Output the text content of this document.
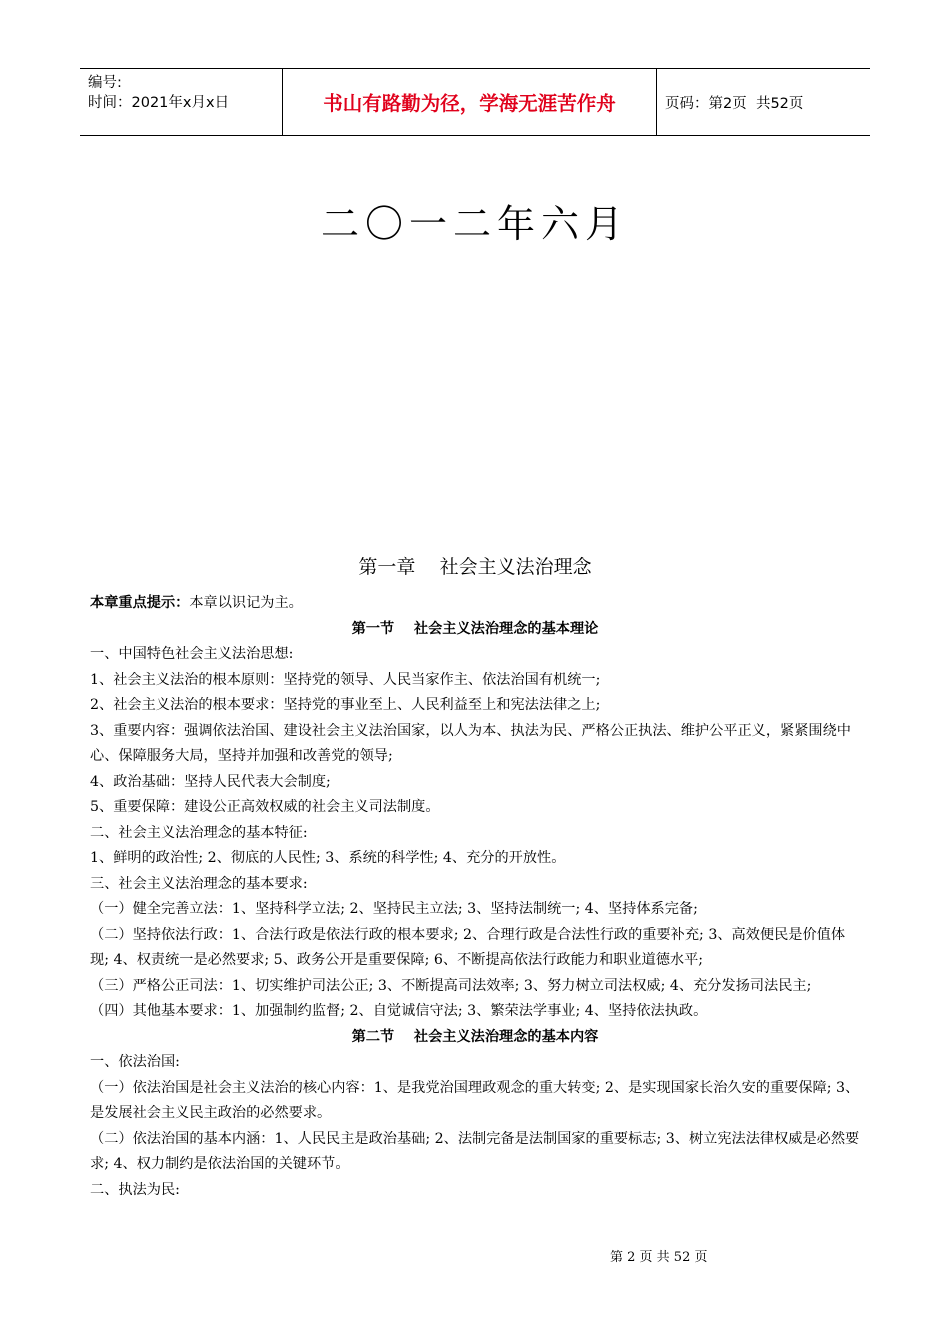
编号:
时间：2021年x月x日	书山有路勤为径，学海无涯苦作舟	页码：第2页  共52页
二〇一二年六月
第一章    社会主义法治理念

本章重点提示：本章以识记为主。

第一节    社会主义法治理念的基本理论

一、中国特色社会主义法治思想:

1、社会主义法治的根本原则：坚持党的领导、人民当家作主、依法治国有机统一;

2、社会主义法治的根本要求：坚持党的事业至上、人民利益至上和宪法法律之上;

3、重要内容：强调依法治国、建设社会主义法治国家，以人为本、执法为民、严格公正执法、维护公平正义，紧紧围绕中心、保障服务大局，坚持并加强和改善党的领导;

4、政治基础：坚持人民代表大会制度;

5、重要保障：建设公正高效权威的社会主义司法制度。

二、社会主义法治理念的基本特征:

1、鲜明的政治性; 2、彻底的人民性; 3、系统的科学性; 4、充分的开放性。

三、社会主义法治理念的基本要求:

（一）健全完善立法：1、坚持科学立法; 2、坚持民主立法; 3、坚持法制统一; 4、坚持体系完备;

（二）坚持依法行政：1、合法行政是依法行政的根本要求; 2、合理行政是合法性行政的重要补充; 3、高效便民是价值体现; 4、权责统一是必然要求; 5、政务公开是重要保障; 6、不断提高依法行政能力和职业道德水平;

（三）严格公正司法：1、切实维护司法公正; 3、不断提高司法效率; 3、努力树立司法权威; 4、充分发扬司法民主;

（四）其他基本要求：1、加强制约监督; 2、自觉诚信守法; 3、繁荣法学事业; 4、坚持依法执政。

第二节    社会主义法治理念的基本内容

一、依法治国:

（一）依法治国是社会主义法治的核心内容：1、是我党治国理政观念的重大转变; 2、是实现国家长治久安的重要保障; 3、是发展社会主义民主政治的必然要求。

（二）依法治国的基本内涵：1、人民民主是政治基础; 2、法制完备是法制国家的重要标志; 3、树立宪法法律权威是必然要求; 4、权力制约是依法治国的关键环节。

二、执法为民:

第 2 页 共 52 页
